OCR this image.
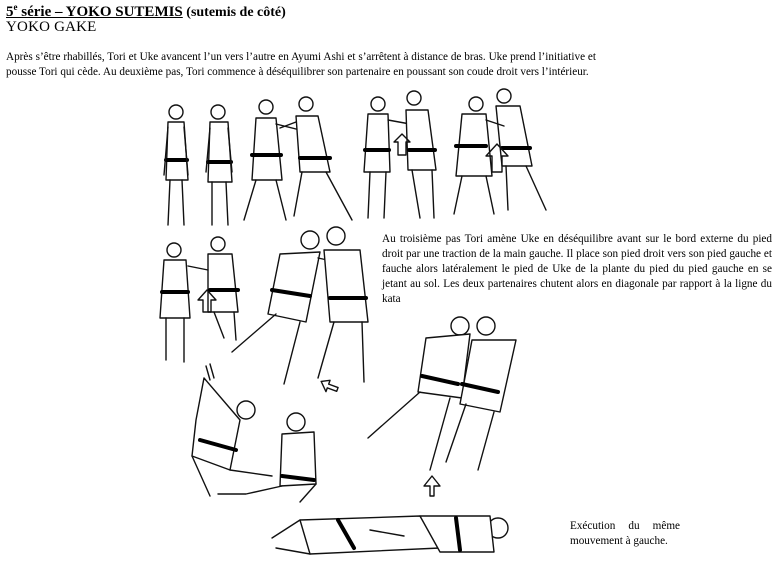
5e série – YOKO SUTEMIS (sutemis de côté)
YOKO GAKE
Après s’être rhabillés, Tori et Uke avancent l’un vers l’autre en Ayumi Ashi et s’arrêtent à distance de bras. Uke prend l’initiative et pousse Tori qui cède. Au deuxième pas, Tori commence à déséquilibrer son partenaire en poussant son coude droit vers l’intérieur.
Au troisième pas Tori amène Uke en déséquilibre avant sur le bord externe du pied droit par une traction de la main gauche. Il place son pied droit vers son pied gauche et fauche alors latéralement le pied de Uke de la plante du pied du pied gauche en se jetant au sol. Les deux partenaires chutent alors en diagonale par rapport à la ligne du kata
Exécution du même mouvement à gauche.
